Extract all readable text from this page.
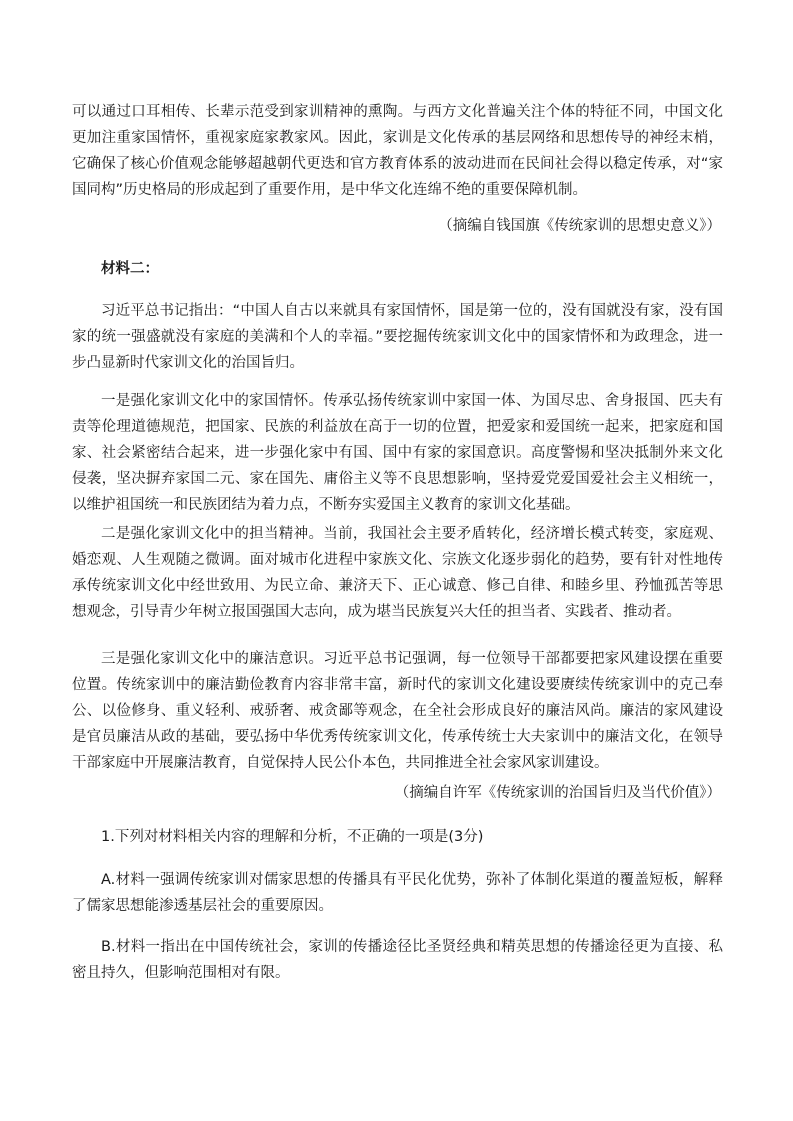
可以通过口耳相传、长辈示范受到家训精神的熏陶。与西方文化普遍关注个体的特征不同，中国文化更加注重家国情怀，重视家庭家教家风。因此，家训是文化传承的基层网络和思想传导的神经末梢，它确保了核心价值观念能够超越朝代更迭和官方教育体系的波动进而在民间社会得以稳定传承，对“家国同构”历史格局的形成起到了重要作用，是中华文化连绵不绝的重要保障机制。

（摘编自钱国旗《传统家训的思想史意义》）

材料二：

习近平总书记指出：“中国人自古以来就具有家国情怀，国是第一位的，没有国就没有家，没有国家的统一强盛就没有家庭的美满和个人的幸福。”要挖掘传统家训文化中的国家情怀和为政理念，进一步凸显新时代家训文化的治国旨归。

一是强化家训文化中的家国情怀。传承弘扬传统家训中家国一体、为国尽忠、舍身报国、匹夫有责等伦理道德规范，把国家、民族的利益放在高于一切的位置，把爱家和爱国统一起来，把家庭和国家、社会紧密结合起来，进一步强化家中有国、国中有家的家国意识。高度警惕和坚决抵制外来文化侵袭，坚决摒弃家国二元、家在国先、庸俗主义等不良思想影响，坚持爱党爱国爱社会主义相统一，以维护祖国统一和民族团结为着力点，不断夯实爱国主义教育的家训文化基础。

二是强化家训文化中的担当精神。当前，我国社会主要矛盾转化，经济增长模式转变，家庭观、婚恋观、人生观随之微调。面对城市化进程中家族文化、宗族文化逐步弱化的趋势，要有针对性地传承传统家训文化中经世致用、为民立命、兼济天下、正心诚意、修己自律、和睦乡里、矜恤孤苦等思想观念，引导青少年树立报国强国大志向，成为堪当民族复兴大任的担当者、实践者、推动者。

三是强化家训文化中的廉洁意识。习近平总书记强调，每一位领导干部都要把家风建设摆在重要位置。传统家训中的廉洁勤俭教育内容非常丰富，新时代的家训文化建设要赓续传统家训中的克己奉公、以俭修身、重义轻利、戒骄奢、戒贪鄙等观念，在全社会形成良好的廉洁风尚。廉洁的家风建设是官员廉洁从政的基础，要弘扬中华优秀传统家训文化，传承传统士大夫家训中的廉洁文化，在领导干部家庭中开展廉洁教育，自觉保持人民公仆本色，共同推进全社会家风家训建设。

（摘编自许军《传统家训的治国旨归及当代价值》）

1.下列对材料相关内容的理解和分析，不正确的一项是(3分)

A.材料一强调传统家训对儒家思想的传播具有平民化优势，弥补了体制化渠道的覆盖短板，解释了儒家思想能渗透基层社会的重要原因。

B.材料一指出在中国传统社会，家训的传播途径比圣贤经典和精英思想的传播途径更为直接、私密且持久，但影响范围相对有限。
